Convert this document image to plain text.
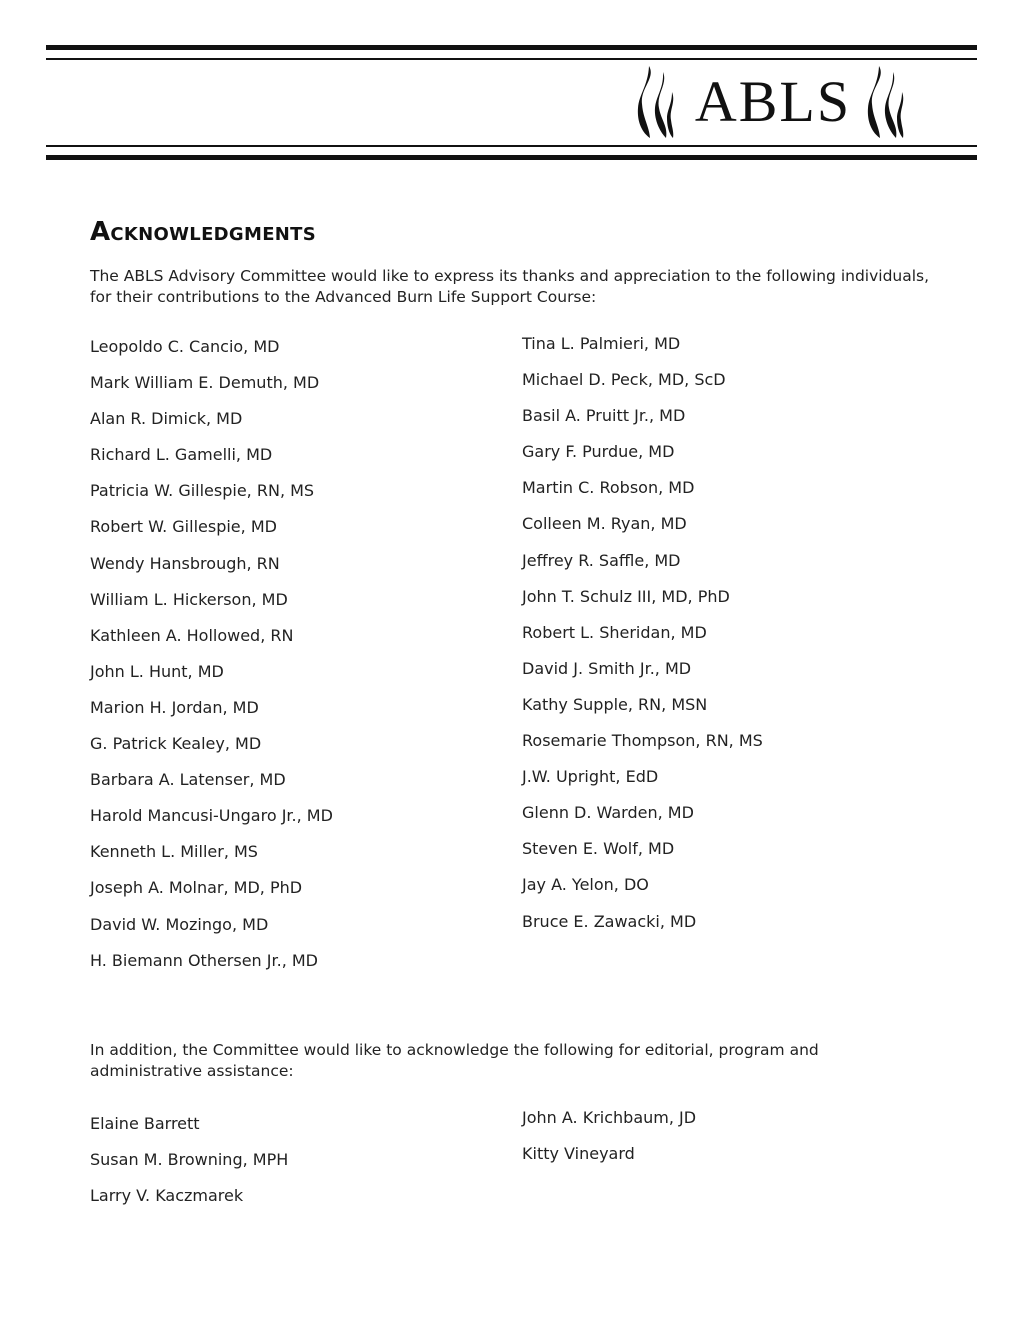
ABLS
Acknowledgments

The ABLS Advisory Committee would like to express its thanks and appreciation to the following individuals, for their contributions to the Advanced Burn Life Support Course:

Leopoldo C. Cancio, MD
Mark William E. Demuth, MD
Alan R. Dimick, MD
Richard L. Gamelli, MD
Patricia W. Gillespie, RN, MS
Robert W. Gillespie, MD
Wendy Hansbrough, RN
William L. Hickerson, MD
Kathleen A. Hollowed, RN
John L. Hunt, MD
Marion H. Jordan, MD
G. Patrick Kealey, MD
Barbara A. Latenser, MD
Harold Mancusi-Ungaro Jr., MD
Kenneth L. Miller, MS
Joseph A. Molnar, MD, PhD
David W. Mozingo, MD
H. Biemann Othersen Jr., MD
Tina L. Palmieri, MD
Michael D. Peck, MD, ScD
Basil A. Pruitt Jr., MD
Gary F. Purdue, MD
Martin C. Robson, MD
Colleen M. Ryan, MD
Jeffrey R. Saffle, MD
John T. Schulz III, MD, PhD
Robert L. Sheridan, MD
David J. Smith Jr., MD
Kathy Supple, RN, MSN
Rosemarie Thompson, RN, MS
J.W. Upright, EdD
Glenn D. Warden, MD
Steven E. Wolf, MD
Jay A. Yelon, DO
Bruce E. Zawacki, MD

In addition, the Committee would like to acknowledge the following for editorial, program and administrative assistance:

Elaine Barrett
Susan M. Browning, MPH
Larry V. Kaczmarek
John A. Krichbaum, JD
Kitty Vineyard
